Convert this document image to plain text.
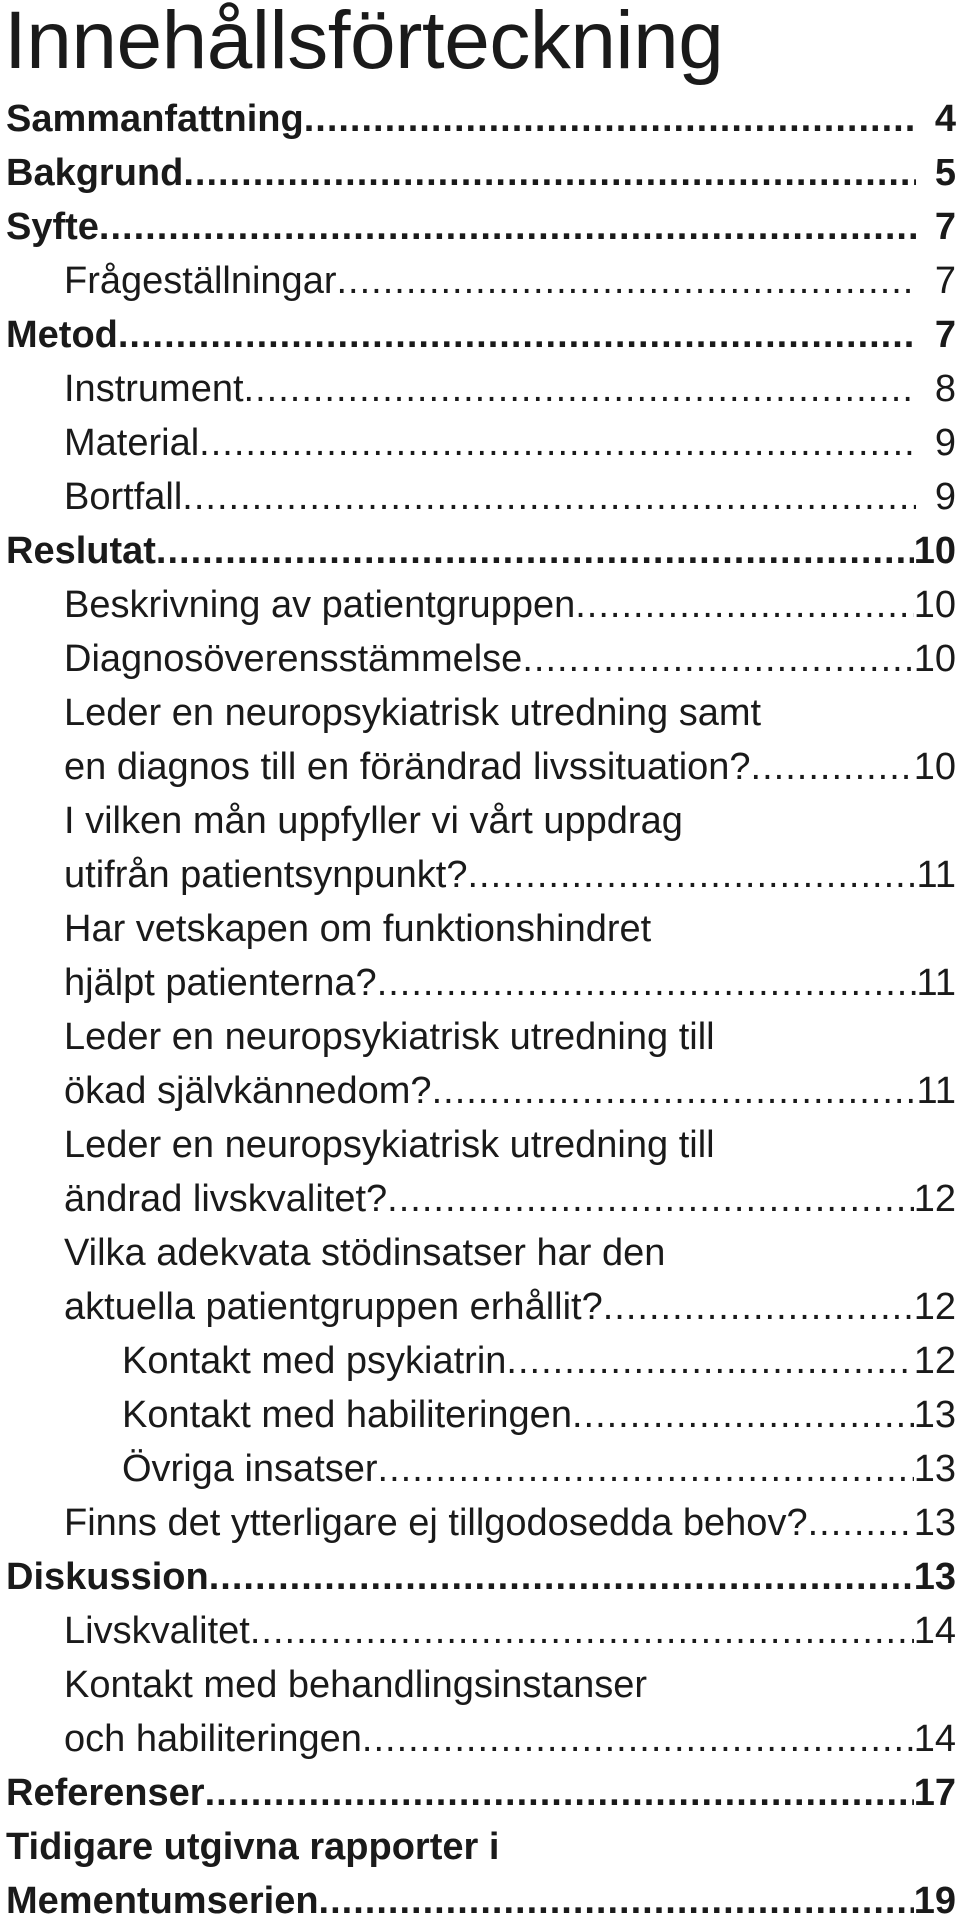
Innehållsförteckning
Sammanfattning .....	4
Bakgrund .....	5
Syfte .....	7
Frågeställningar .....	7
Metod .....	7
Instrument .....	8
Material .....	9
Bortfall .....	9
Reslutat .....	10
Beskrivning av patientgruppen .....	10
Diagnosöverensstämmelse .....	10
Leder en neuropsykiatrisk utredning samt
en diagnos till en förändrad livssituation? .....	10
I vilken mån uppfyller vi vårt uppdrag
utifrån patientsynpunkt? .....	11
Har vetskapen om funktionshindret
hjälpt patienterna? .....	11
Leder en neuropsykiatrisk utredning till
ökad självkännedom? .....	11
Leder en neuropsykiatrisk utredning till
ändrad livskvalitet? .....	12
Vilka adekvata stödinsatser har den
aktuella patientgruppen erhållit? .....	12
Kontakt med psykiatrin .....	12
Kontakt med habiliteringen .....	13
Övriga insatser .....	13
Finns det ytterligare ej tillgodosedda behov? .....	13
Diskussion .....	13
Livskvalitet .....	14
Kontakt med behandlingsinstanser
och habiliteringen .....	14
Referenser .....	17
Tidigare utgivna rapporter i
Mementumserien .....	19
